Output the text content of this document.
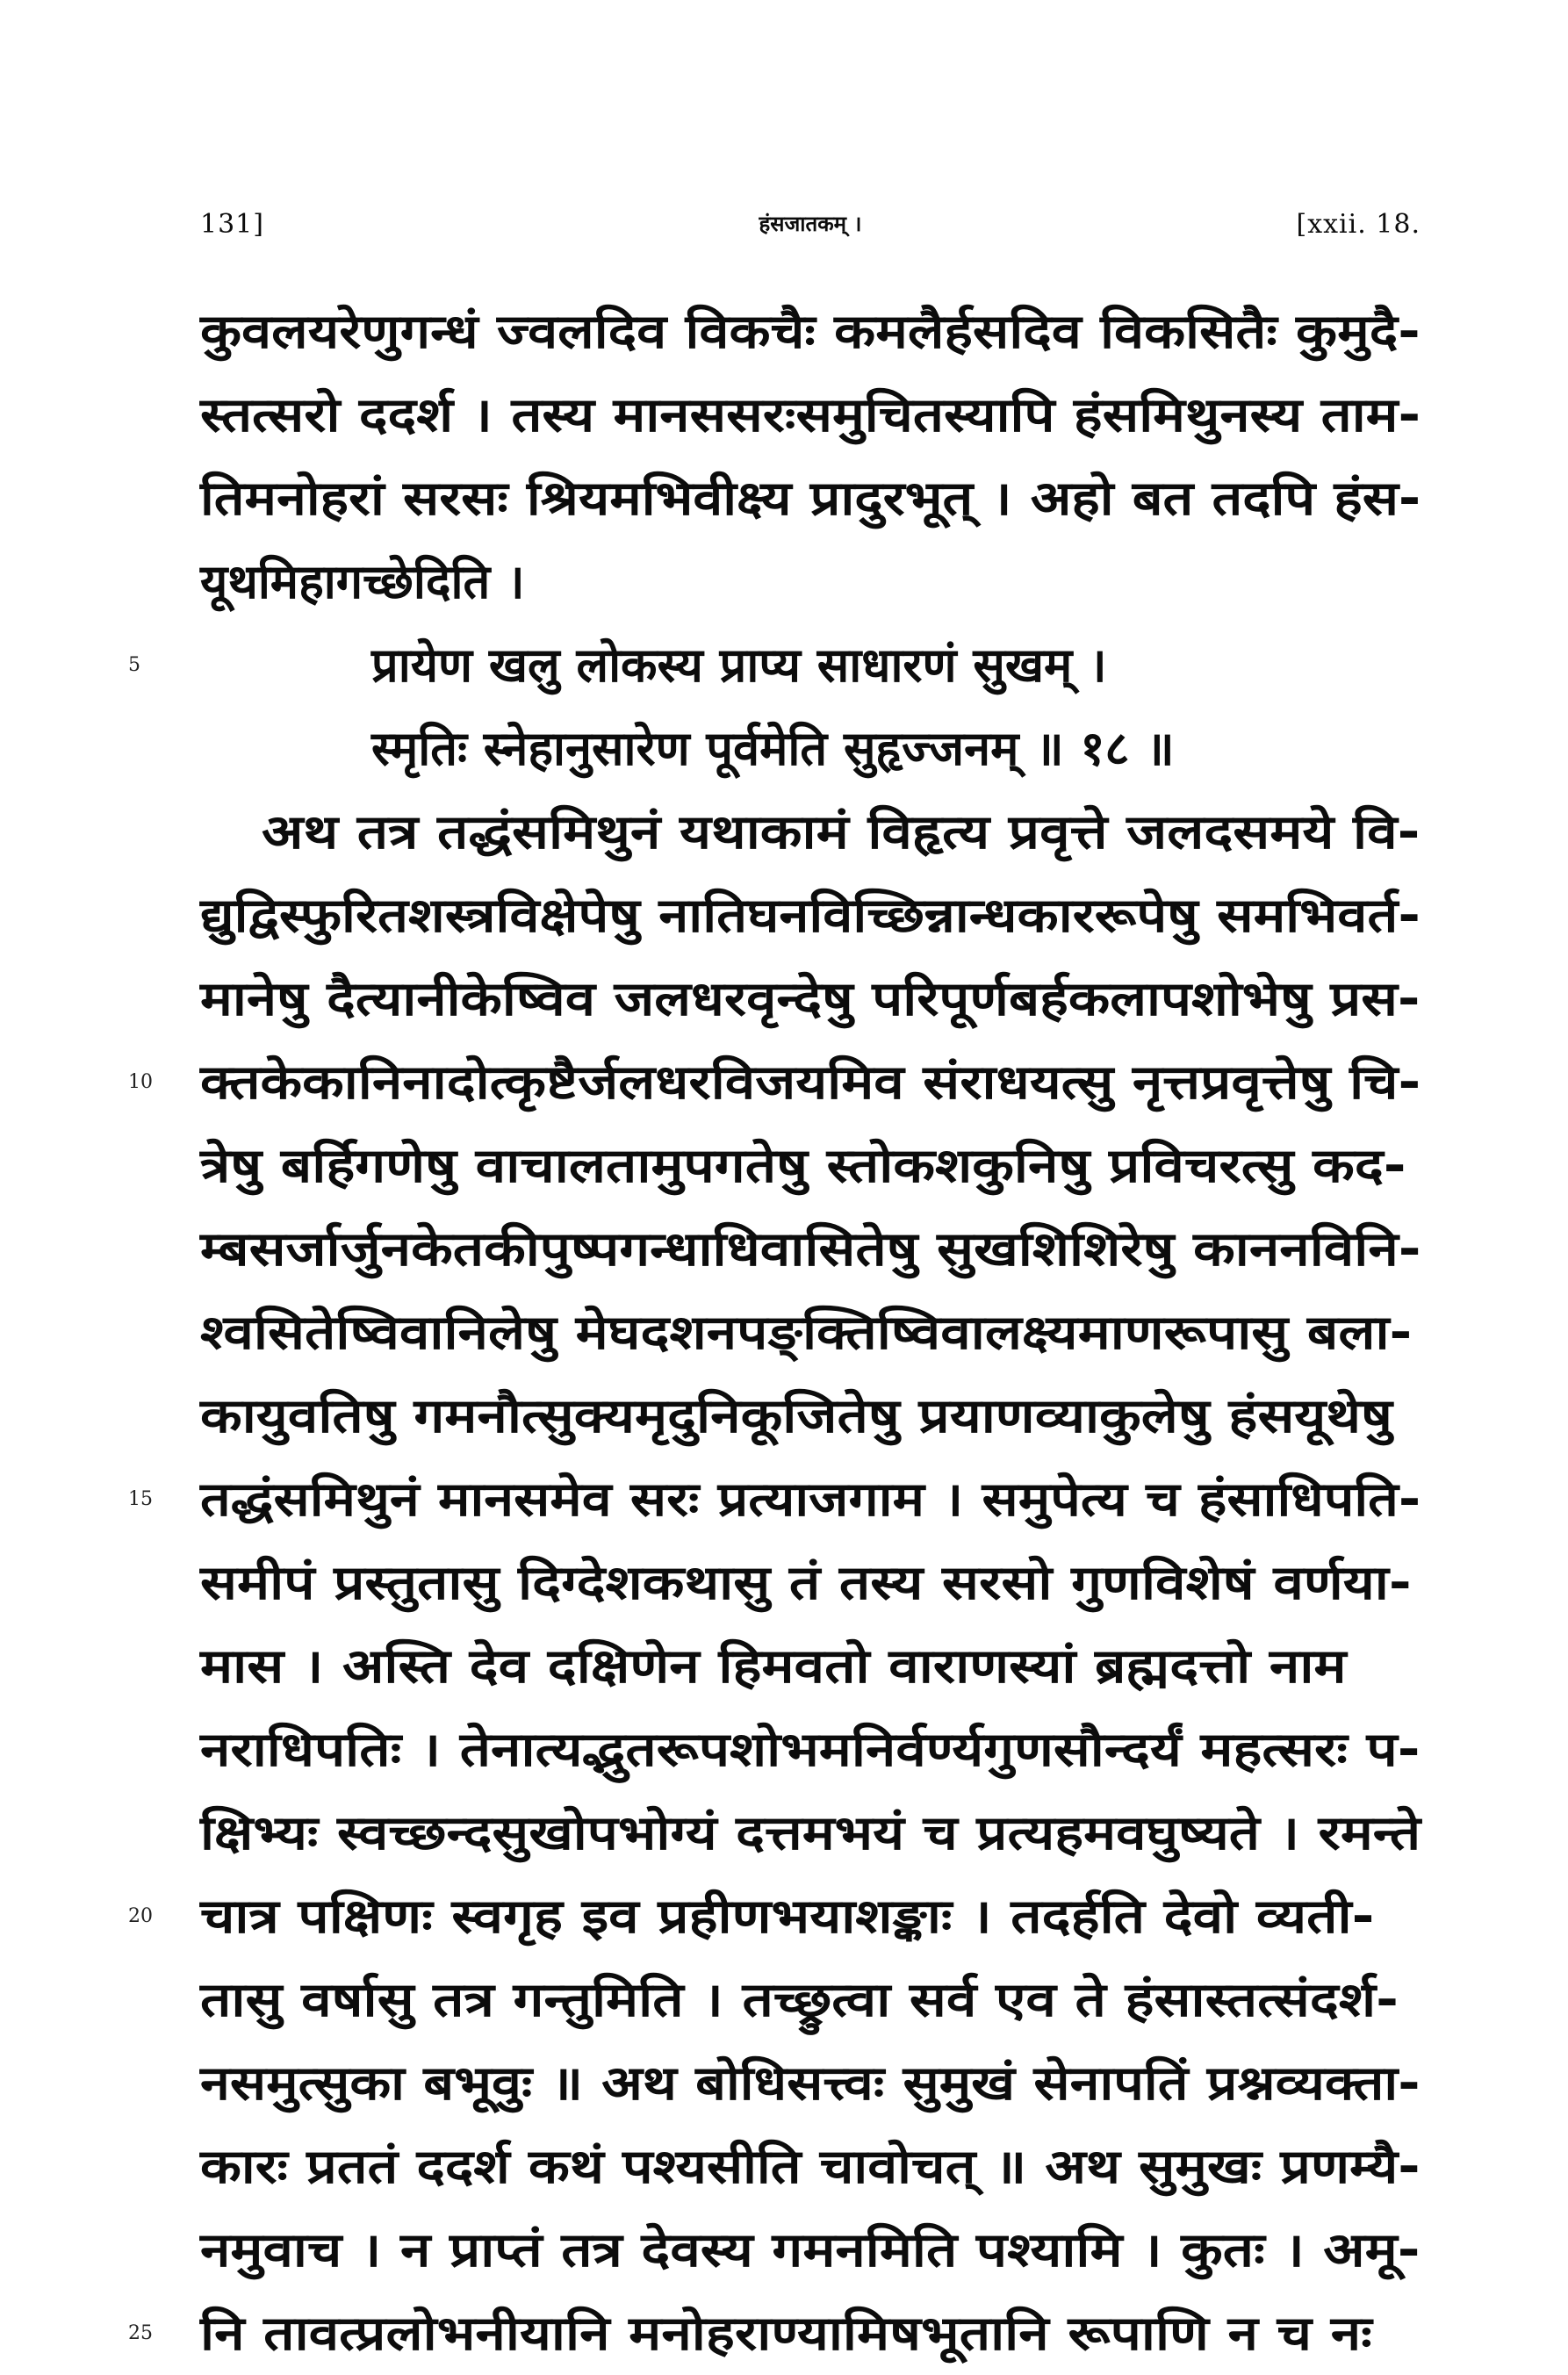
131]	हंसजातकम् ।	[xxii. 18.
कुवलयरेणुगन्धं ज्वलदिव विकचैः कमलैर्हसदिव विकसितैः कुमुदै-
स्तत्सरो ददर्श । तस्य मानससरःसमुचितस्यापि हंसमिथुनस्य ताम-
तिमनोहरां सरसः श्रियमभिवीक्ष्य प्रादुरभूत् । अहो बत तदपि हंस-
यूथमिहागच्छेदिति ।
5	प्रायेण खलु लोकस्य प्राप्य साधारणं सुखम् ।
स्मृतिः स्नेहानुसारेण पूर्वमेति सुहृज्जनम् ॥ १८ ॥
अथ तत्र तद्धंसमिथुनं यथाकामं विहृत्य प्रवृत्ते जलदसमये वि-
द्युद्विस्फुरितशस्त्रविक्षेपेषु नातिघनविच्छिन्नान्धकाररूपेषु समभिवर्त-
मानेषु दैत्यानीकेष्विव जलधरवृन्देषु परिपूर्णबर्हकलापशोभेषु प्रस-
10 क्तकेकानिनादोत्कृष्टैर्जलधरविजयमिव संराधयत्सु नृत्तप्रवृत्तेषु चि-
त्रेषु बर्हिगणेषु वाचालतामुपगतेषु स्तोकशकुनिषु प्रविचरत्सु कद-
म्बसर्जार्जुनकेतकीपुष्पगन्धाधिवासितेषु सुखशिशिरेषु काननविनि-
श्वसितेष्विवानिलेषु मेघदशनपङ्क्तिष्विवालक्ष्यमाणरूपासु बला-
कायुवतिषु गमनौत्सुक्यमृदुनिकूजितेषु प्रयाणव्याकुलेषु हंसयूथेषु
15 तद्धंसमिथुनं मानसमेव सरः प्रत्याजगाम । समुपेत्य च हंसाधिपति-
समीपं प्रस्तुतासु दिग्देशकथासु तं तस्य सरसो गुणविशेषं वर्णया-
मास । अस्ति देव दक्षिणेन हिमवतो वाराणस्यां ब्रह्मदत्तो नाम
नराधिपतिः । तेनात्यद्भुतरूपशोभमनिर्वर्ण्यगुणसौन्दर्यं महत्सरः प-
क्षिभ्यः स्वच्छन्दसुखोपभोग्यं दत्तमभयं च प्रत्यहमवघुष्यते । रमन्ते
20 चात्र पक्षिणः स्वगृह इव प्रहीणभयाशङ्काः । तदर्हति देवो व्यती-
तासु वर्षासु तत्र गन्तुमिति । तच्छ्रुत्वा सर्व एव ते हंसास्तत्संदर्श-
नसमुत्सुका बभूवुः ॥ अथ बोधिसत्त्वः सुमुखं सेनापतिं प्रश्नव्यक्ता-
कारः प्रततं ददर्श कथं पश्यसीति चावोचत् ॥ अथ सुमुखः प्रणम्यै-
नमुवाच । न प्राप्तं तत्र देवस्य गमनमिति पश्यामि । कुतः । अमू-
25 नि तावत्प्रलोभनीयानि मनोहराण्यामिषभूतानि रूपाणि न च नः
